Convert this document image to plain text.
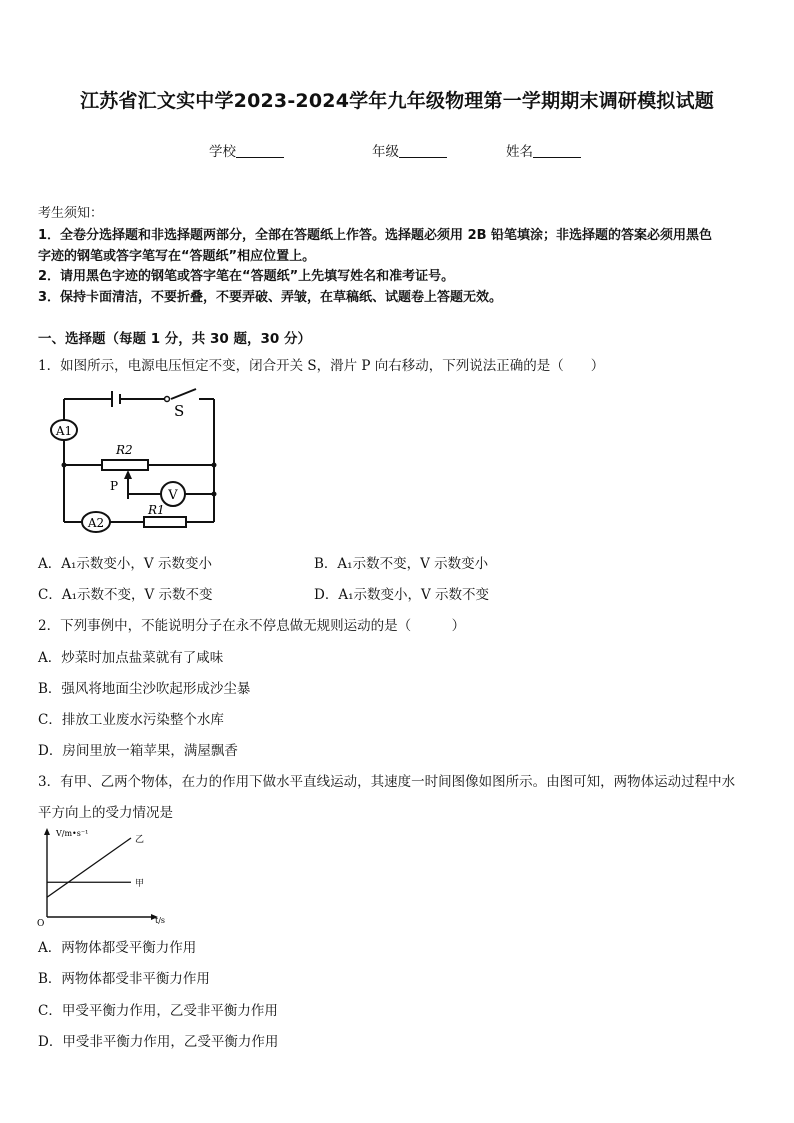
江苏省汇文实中学2023-2024学年九年级物理第一学期期末调研模拟试题
学校	年级	姓名
考生须知：
1．全卷分选择题和非选择题两部分，全部在答题纸上作答。选择题必须用 2B 铅笔填涂；非选择题的答案必须用黑色
字迹的钢笔或答字笔写在“答题纸”相应位置上。
2．请用黑色字迹的钢笔或答字笔在“答题纸”上先填写姓名和准考证号。
3．保持卡面清洁，不要折叠，不要弄破、弄皱，在草稿纸、试题卷上答题无效。
一、选择题（每题 1 分，共 30 题，30 分）
1．如图所示，电源电压恒定不变，闭合开关 S，滑片 P 向右移动，下列说法正确的是（　　）
S
A1
A2
V
R2
R1
P
A．A₁示数变小，V 示数变小	B．A₁示数不变，V 示数变小
C．A₁示数不变，V 示数不变	D．A₁示数变小，V 示数不变
2．下列事例中，不能说明分子在永不停息做无规则运动的是（　　　）
A．炒菜时加点盐菜就有了咸味
B．强风将地面尘沙吹起形成沙尘暴
C．排放工业废水污染整个水库
D．房间里放一箱苹果，满屋飘香
3．有甲、乙两个物体，在力的作用下做水平直线运动，其速度一时间图像如图所示。由图可知，两物体运动过程中水
平方向上的受力情况是
甲
乙
V/m•s⁻¹
t/s
O
A．两物体都受平衡力作用
B．两物体都受非平衡力作用
C．甲受平衡力作用，乙受非平衡力作用
D．甲受非平衡力作用，乙受平衡力作用
